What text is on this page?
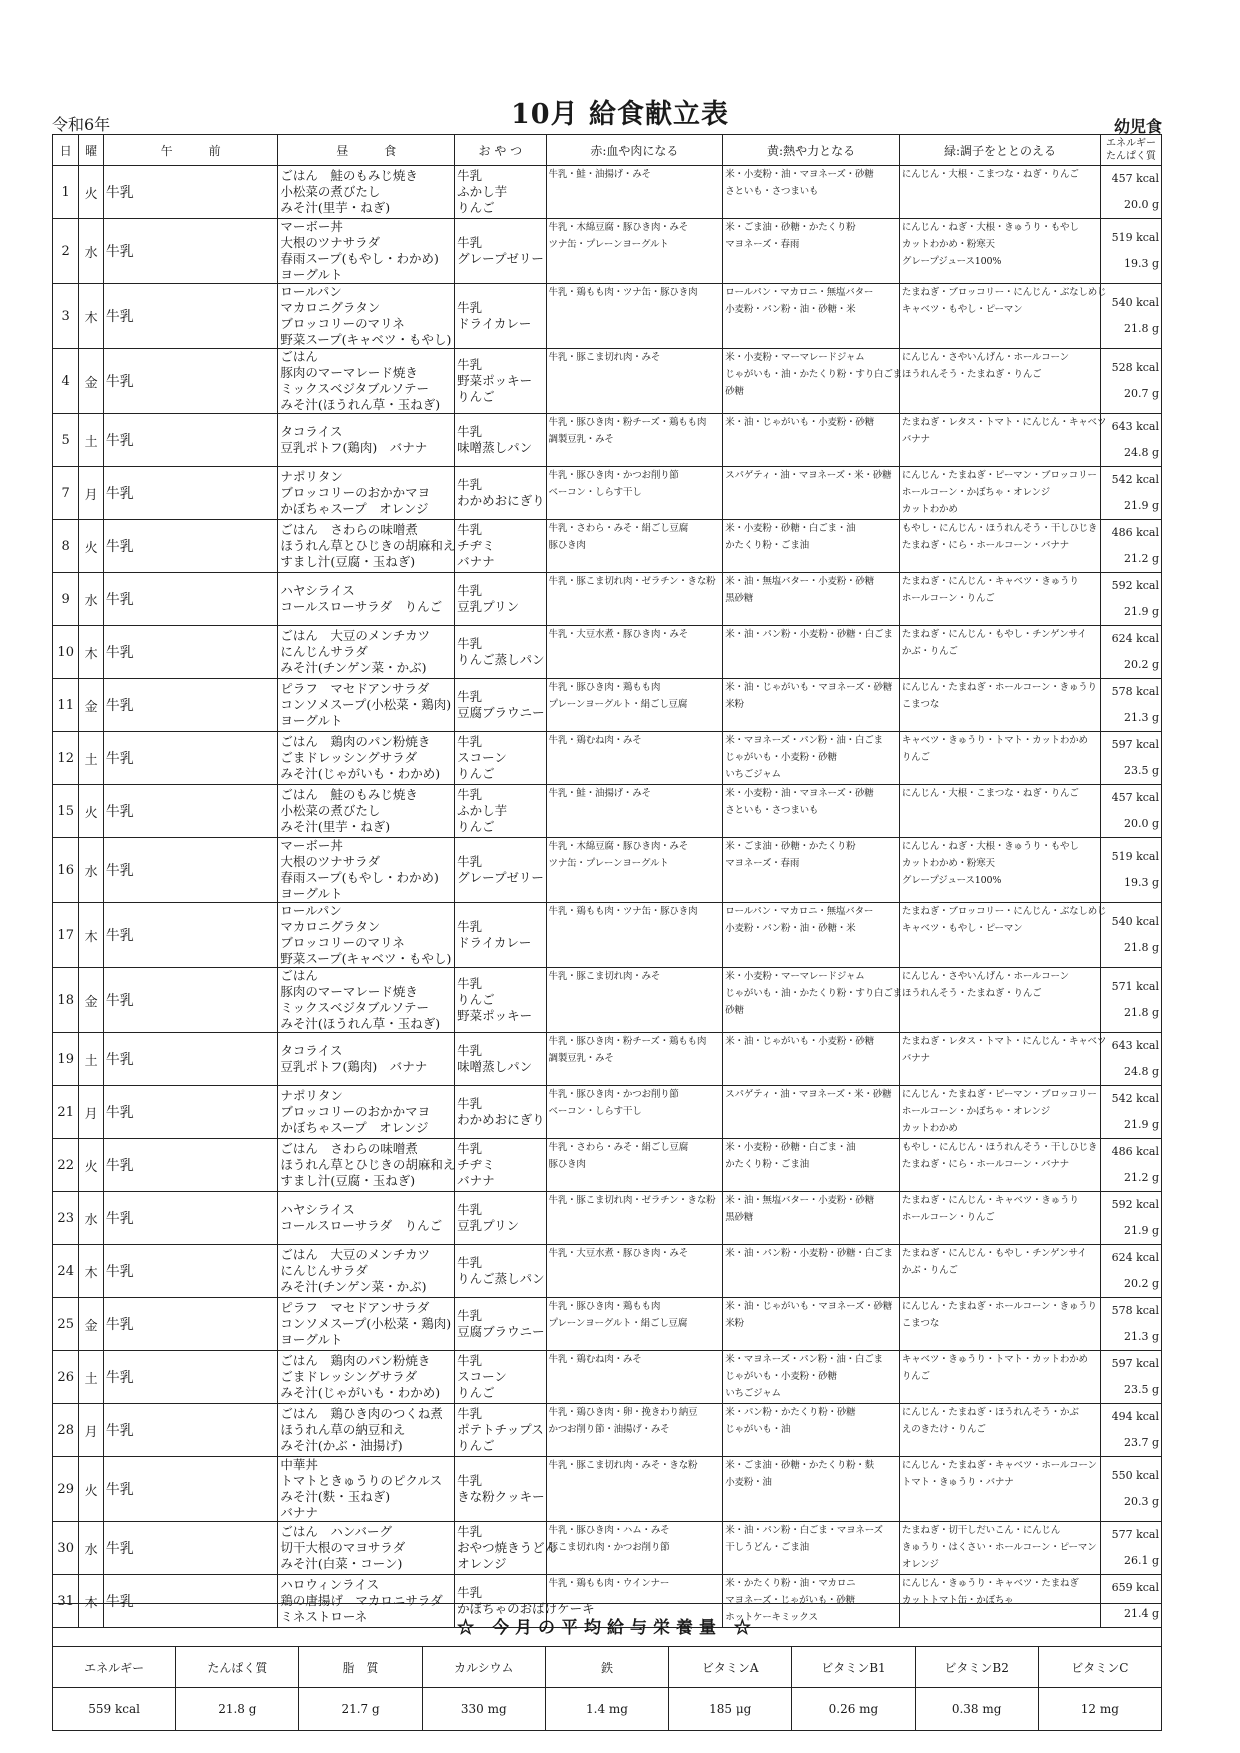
令和6年	10月 給食献立表	幼児食
日	曜	午　　　前	昼　　　食	お や つ	赤:血や肉になる	黄:熱や力となる	緑:調子をととのえる	エネルギー
たんぱく質

1	火	牛乳	ごはん　鮭のもみじ焼き
小松菜の煮びたし
みそ汁(里芋・ねぎ)	牛乳
ふかし芋
りんご	牛乳・鮭・油揚げ・みそ	米・小麦粉・油・マヨネーズ・砂糖
さといも・さつまいも	にんじん・大根・こまつな・ねぎ・りんご	457 kcal
20.0 g

2	水	牛乳	マーボー丼
大根のツナサラダ
春雨スープ(もやし・わかめ)
ヨーグルト	牛乳
グレープゼリー	牛乳・木綿豆腐・豚ひき肉・みそ
ツナ缶・プレーンヨーグルト	米・ごま油・砂糖・かたくり粉
マヨネーズ・春雨	にんじん・ねぎ・大根・きゅうり・もやし
カットわかめ・粉寒天
グレープジュース100%	519 kcal
19.3 g

3	木	牛乳	ロールパン
マカロニグラタン
ブロッコリーのマリネ
野菜スープ(キャベツ・もやし)	牛乳
ドライカレー	牛乳・鶏もも肉・ツナ缶・豚ひき肉	ロールパン・マカロニ・無塩バター
小麦粉・パン粉・油・砂糖・米	たまねぎ・ブロッコリー・にんじん・ぶなしめじ
キャベツ・もやし・ピーマン	540 kcal
21.8 g

4	金	牛乳	ごはん
豚肉のマーマレード焼き
ミックスベジタブルソテー
みそ汁(ほうれん草・玉ねぎ)	牛乳
野菜ポッキー
りんご	牛乳・豚こま切れ肉・みそ	米・小麦粉・マーマレードジャム
じゃがいも・油・かたくり粉・すり白ごま
砂糖	にんじん・さやいんげん・ホールコーン
ほうれんそう・たまねぎ・りんご	528 kcal
20.7 g

5	土	牛乳	タコライス
豆乳ポトフ(鶏肉)　バナナ	牛乳
味噌蒸しパン	牛乳・豚ひき肉・粉チーズ・鶏もも肉
調製豆乳・みそ	米・油・じゃがいも・小麦粉・砂糖	たまねぎ・レタス・トマト・にんじん・キャベツ
バナナ	643 kcal
24.8 g

7	月	牛乳	ナポリタン
ブロッコリーのおかかマヨ
かぼちゃスープ　オレンジ	牛乳
わかめおにぎり	牛乳・豚ひき肉・かつお削り節
ベーコン・しらす干し	スパゲティ・油・マヨネーズ・米・砂糖	にんじん・たまねぎ・ピーマン・ブロッコリー
ホールコーン・かぼちゃ・オレンジ
カットわかめ	542 kcal
21.9 g

8	火	牛乳	ごはん　さわらの味噌煮
ほうれん草とひじきの胡麻和え
すまし汁(豆腐・玉ねぎ)	牛乳
チヂミ
バナナ	牛乳・さわら・みそ・絹ごし豆腐
豚ひき肉	米・小麦粉・砂糖・白ごま・油
かたくり粉・ごま油	もやし・にんじん・ほうれんそう・干しひじき
たまねぎ・にら・ホールコーン・バナナ	486 kcal
21.2 g

9	水	牛乳	ハヤシライス
コールスローサラダ　りんご	牛乳
豆乳プリン	牛乳・豚こま切れ肉・ゼラチン・きな粉	米・油・無塩バター・小麦粉・砂糖
黒砂糖	たまねぎ・にんじん・キャベツ・きゅうり
ホールコーン・りんご	592 kcal
21.9 g

10	木	牛乳	ごはん　大豆のメンチカツ
にんじんサラダ
みそ汁(チンゲン菜・かぶ)	牛乳
りんご蒸しパン	牛乳・大豆水煮・豚ひき肉・みそ	米・油・パン粉・小麦粉・砂糖・白ごま	たまねぎ・にんじん・もやし・チンゲンサイ
かぶ・りんご	624 kcal
20.2 g

11	金	牛乳	ピラフ　マセドアンサラダ
コンソメスープ(小松菜・鶏肉)
ヨーグルト	牛乳
豆腐ブラウニー	牛乳・豚ひき肉・鶏もも肉
プレーンヨーグルト・絹ごし豆腐	米・油・じゃがいも・マヨネーズ・砂糖
米粉	にんじん・たまねぎ・ホールコーン・きゅうり
こまつな	578 kcal
21.3 g

12	土	牛乳	ごはん　鶏肉のパン粉焼き
ごまドレッシングサラダ
みそ汁(じゃがいも・わかめ)	牛乳
スコーン
りんご	牛乳・鶏むね肉・みそ	米・マヨネーズ・パン粉・油・白ごま
じゃがいも・小麦粉・砂糖
いちごジャム	キャベツ・きゅうり・トマト・カットわかめ
りんご	597 kcal
23.5 g

15	火	牛乳	ごはん　鮭のもみじ焼き
小松菜の煮びたし
みそ汁(里芋・ねぎ)	牛乳
ふかし芋
りんご	牛乳・鮭・油揚げ・みそ	米・小麦粉・油・マヨネーズ・砂糖
さといも・さつまいも	にんじん・大根・こまつな・ねぎ・りんご	457 kcal
20.0 g

16	水	牛乳	マーボー丼
大根のツナサラダ
春雨スープ(もやし・わかめ)
ヨーグルト	牛乳
グレープゼリー	牛乳・木綿豆腐・豚ひき肉・みそ
ツナ缶・プレーンヨーグルト	米・ごま油・砂糖・かたくり粉
マヨネーズ・春雨	にんじん・ねぎ・大根・きゅうり・もやし
カットわかめ・粉寒天
グレープジュース100%	519 kcal
19.3 g

17	木	牛乳	ロールパン
マカロニグラタン
ブロッコリーのマリネ
野菜スープ(キャベツ・もやし)	牛乳
ドライカレー	牛乳・鶏もも肉・ツナ缶・豚ひき肉	ロールパン・マカロニ・無塩バター
小麦粉・パン粉・油・砂糖・米	たまねぎ・ブロッコリー・にんじん・ぶなしめじ
キャベツ・もやし・ピーマン	540 kcal
21.8 g

18	金	牛乳	ごはん
豚肉のマーマレード焼き
ミックスベジタブルソテー
みそ汁(ほうれん草・玉ねぎ)	牛乳
りんご
野菜ポッキー	牛乳・豚こま切れ肉・みそ	米・小麦粉・マーマレードジャム
じゃがいも・油・かたくり粉・すり白ごま
砂糖	にんじん・さやいんげん・ホールコーン
ほうれんそう・たまねぎ・りんご	571 kcal
21.8 g

19	土	牛乳	タコライス
豆乳ポトフ(鶏肉)　バナナ	牛乳
味噌蒸しパン	牛乳・豚ひき肉・粉チーズ・鶏もも肉
調製豆乳・みそ	米・油・じゃがいも・小麦粉・砂糖	たまねぎ・レタス・トマト・にんじん・キャベツ
バナナ	643 kcal
24.8 g

21	月	牛乳	ナポリタン
ブロッコリーのおかかマヨ
かぼちゃスープ　オレンジ	牛乳
わかめおにぎり	牛乳・豚ひき肉・かつお削り節
ベーコン・しらす干し	スパゲティ・油・マヨネーズ・米・砂糖	にんじん・たまねぎ・ピーマン・ブロッコリー
ホールコーン・かぼちゃ・オレンジ
カットわかめ	542 kcal
21.9 g

22	火	牛乳	ごはん　さわらの味噌煮
ほうれん草とひじきの胡麻和え
すまし汁(豆腐・玉ねぎ)	牛乳
チヂミ
バナナ	牛乳・さわら・みそ・絹ごし豆腐
豚ひき肉	米・小麦粉・砂糖・白ごま・油
かたくり粉・ごま油	もやし・にんじん・ほうれんそう・干しひじき
たまねぎ・にら・ホールコーン・バナナ	486 kcal
21.2 g

23	水	牛乳	ハヤシライス
コールスローサラダ　りんご	牛乳
豆乳プリン	牛乳・豚こま切れ肉・ゼラチン・きな粉	米・油・無塩バター・小麦粉・砂糖
黒砂糖	たまねぎ・にんじん・キャベツ・きゅうり
ホールコーン・りんご	592 kcal
21.9 g

24	木	牛乳	ごはん　大豆のメンチカツ
にんじんサラダ
みそ汁(チンゲン菜・かぶ)	牛乳
りんご蒸しパン	牛乳・大豆水煮・豚ひき肉・みそ	米・油・パン粉・小麦粉・砂糖・白ごま	たまねぎ・にんじん・もやし・チンゲンサイ
かぶ・りんご	624 kcal
20.2 g

25	金	牛乳	ピラフ　マセドアンサラダ
コンソメスープ(小松菜・鶏肉)
ヨーグルト	牛乳
豆腐ブラウニー	牛乳・豚ひき肉・鶏もも肉
プレーンヨーグルト・絹ごし豆腐	米・油・じゃがいも・マヨネーズ・砂糖
米粉	にんじん・たまねぎ・ホールコーン・きゅうり
こまつな	578 kcal
21.3 g

26	土	牛乳	ごはん　鶏肉のパン粉焼き
ごまドレッシングサラダ
みそ汁(じゃがいも・わかめ)	牛乳
スコーン
りんご	牛乳・鶏むね肉・みそ	米・マヨネーズ・パン粉・油・白ごま
じゃがいも・小麦粉・砂糖
いちごジャム	キャベツ・きゅうり・トマト・カットわかめ
りんご	597 kcal
23.5 g

28	月	牛乳	ごはん　鶏ひき肉のつくね煮
ほうれん草の納豆和え
みそ汁(かぶ・油揚げ)	牛乳
ポテトチップス
りんご	牛乳・鶏ひき肉・卵・挽きわり納豆
かつお削り節・油揚げ・みそ	米・パン粉・かたくり粉・砂糖
じゃがいも・油	にんじん・たまねぎ・ほうれんそう・かぶ
えのきたけ・りんご	494 kcal
23.7 g

29	火	牛乳	中華丼
トマトときゅうりのピクルス
みそ汁(麩・玉ねぎ)
バナナ	牛乳
きな粉クッキー	牛乳・豚こま切れ肉・みそ・きな粉	米・ごま油・砂糖・かたくり粉・麩
小麦粉・油	にんじん・たまねぎ・キャベツ・ホールコーン
トマト・きゅうり・バナナ	550 kcal
20.3 g

30	水	牛乳	ごはん　ハンバーグ
切干大根のマヨサラダ
みそ汁(白菜・コーン)	牛乳
おやつ焼きうどん
オレンジ	牛乳・豚ひき肉・ハム・みそ
豚こま切れ肉・かつお削り節	米・油・パン粉・白ごま・マヨネーズ
干しうどん・ごま油	たまねぎ・切干しだいこん・にんじん
きゅうり・はくさい・ホールコーン・ピーマン
オレンジ	577 kcal
26.1 g

31	木	牛乳	ハロウィンライス
鶏の唐揚げ　マカロニサラダ
ミネストローネ	牛乳
かぼちゃのおばけケーキ	牛乳・鶏もも肉・ウインナー	米・かたくり粉・油・マカロニ
マヨネーズ・じゃがいも・砂糖
ホットケーキミックス	にんじん・きゅうり・キャベツ・たまねぎ
カットトマト缶・かぼちゃ	659 kcal
21.4 g
☆ 今月の平均給与栄養量 ☆								
エネルギー	たんぱく質	脂　質	カルシウム	鉄	ビタミンA	ビタミンB1	ビタミンB2	ビタミンC
559 kcal	21.8 g	21.7 g	330 mg	1.4 mg	185 μg	0.26 mg	0.38 mg	12 mg
